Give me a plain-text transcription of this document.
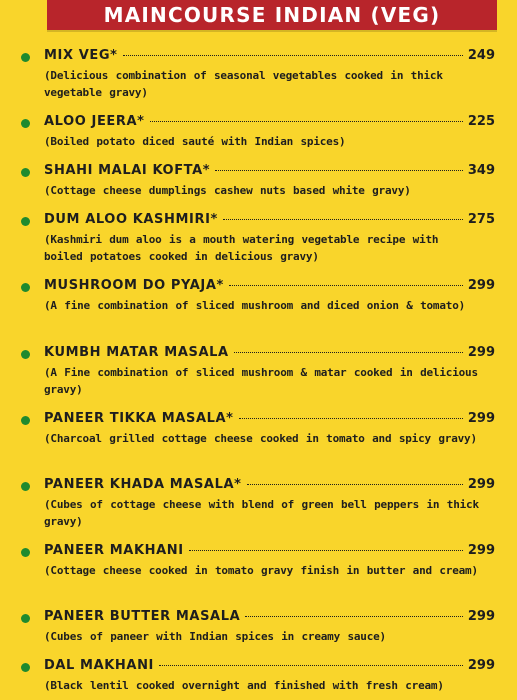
MAINCOURSE INDIAN (VEG)
MIX VEG*	249
(Delicious combination of seasonal vegetables cooked in thick vegetable gravy)
ALOO JEERA*	225
(Boiled potato diced sauté with Indian spices)
SHAHI MALAI KOFTA*	349
(Cottage cheese dumplings cashew nuts based white gravy)
DUM ALOO KASHMIRI*	275
(Kashmiri dum aloo is a mouth watering vegetable recipe with boiled potatoes cooked in delicious gravy)
MUSHROOM DO PYAJA*	299
(A fine combination of sliced mushroom and diced onion & tomato)
KUMBH MATAR MASALA	299
(A Fine combination of sliced mushroom & matar cooked in delicious gravy)
PANEER TIKKA MASALA*	299
(Charcoal grilled cottage cheese cooked in tomato and spicy gravy)
PANEER KHADA MASALA*	299
(Cubes of cottage cheese with blend of green bell peppers in thick gravy)
PANEER MAKHANI	299
(Cottage cheese cooked in tomato gravy finish in butter and cream)
PANEER BUTTER MASALA	299
(Cubes of paneer with Indian spices in creamy sauce)
DAL MAKHANI	299
(Black lentil cooked overnight and finished with fresh cream)
